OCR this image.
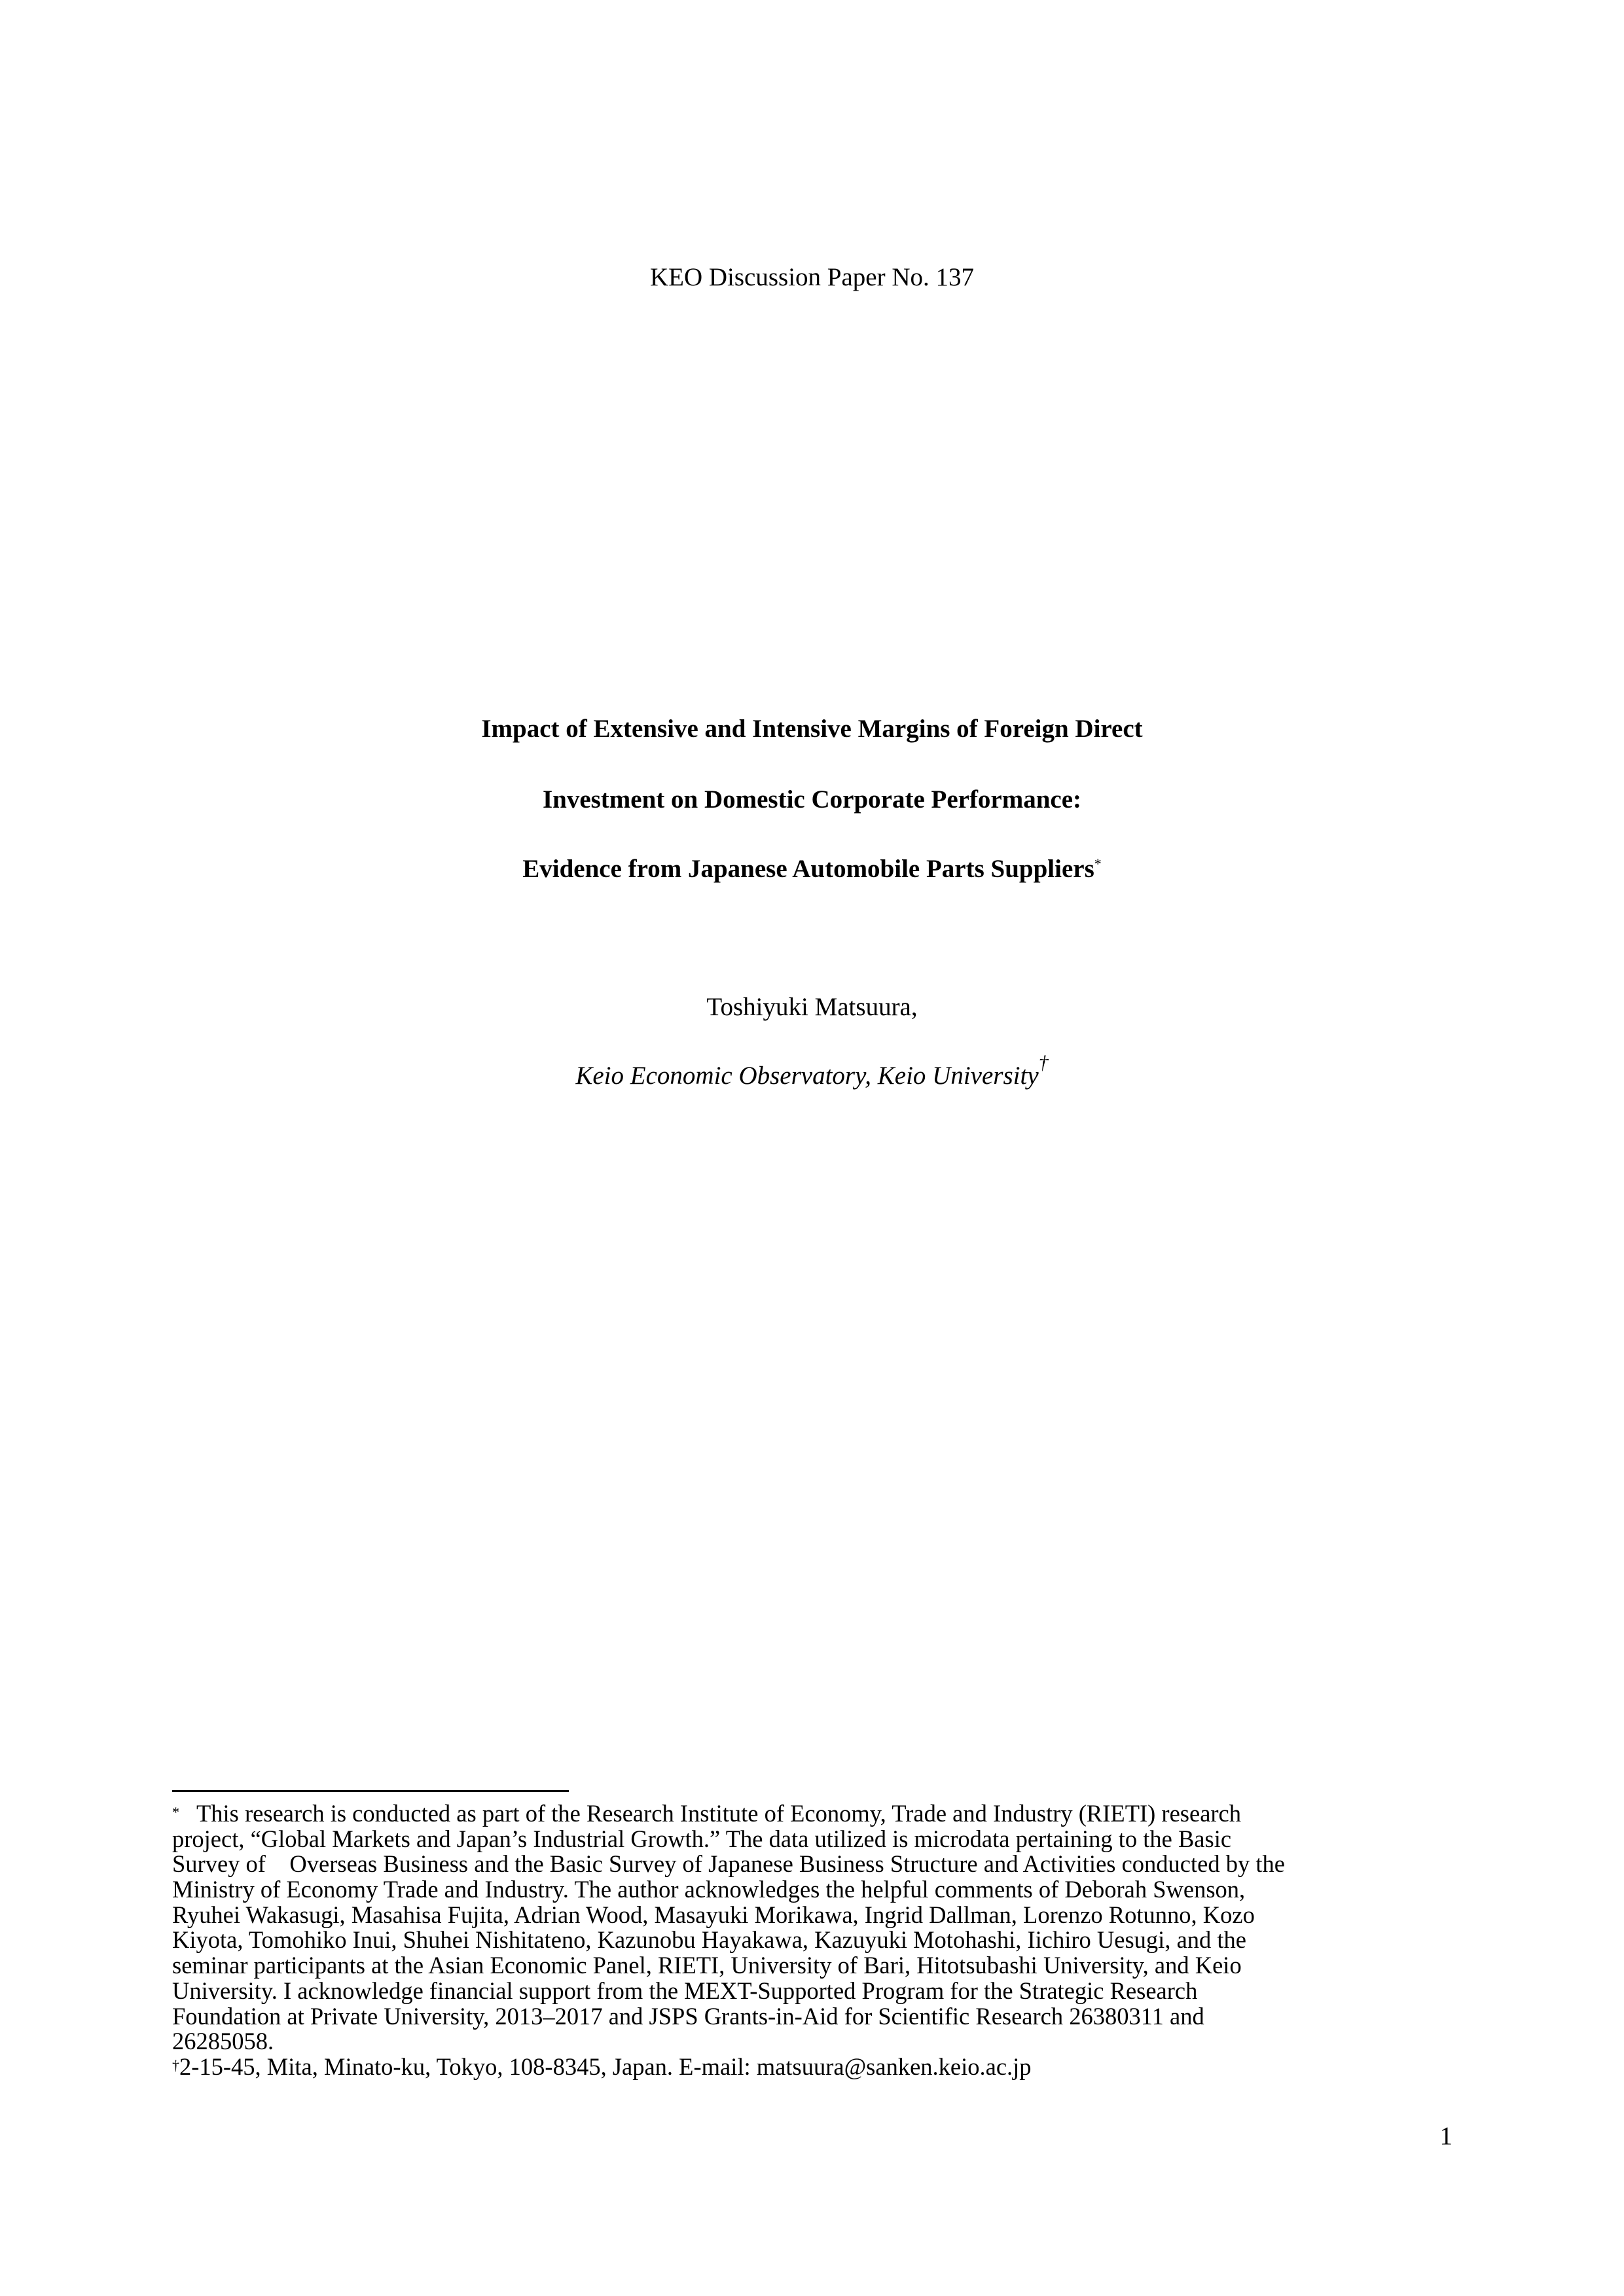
KEO Discussion Paper No. 137
Impact of Extensive and Intensive Margins of Foreign Direct
Investment on Domestic Corporate Performance:
Evidence from Japanese Automobile Parts Suppliers*
Toshiyuki Matsuura,
Keio Economic Observatory, Keio University†
* This research is conducted as part of the Research Institute of Economy, Trade and Industry (RIETI) research
project, “Global Markets and Japan’s Industrial Growth.” The data utilized is microdata pertaining to the Basic
Survey of    Overseas Business and the Basic Survey of Japanese Business Structure and Activities conducted by the
Ministry of Economy Trade and Industry. The author acknowledges the helpful comments of Deborah Swenson,
Ryuhei Wakasugi, Masahisa Fujita, Adrian Wood, Masayuki Morikawa, Ingrid Dallman, Lorenzo Rotunno, Kozo
Kiyota, Tomohiko Inui, Shuhei Nishitateno, Kazunobu Hayakawa, Kazuyuki Motohashi, Iichiro Uesugi, and the
seminar participants at the Asian Economic Panel, RIETI, University of Bari, Hitotsubashi University, and Keio
University. I acknowledge financial support from the MEXT-Supported Program for the Strategic Research
Foundation at Private University, 2013–2017 and JSPS Grants-in-Aid for Scientific Research 26380311 and
26285058.
†2-15-45, Mita, Minato-ku, Tokyo, 108-8345, Japan. E-mail: matsuura@sanken.keio.ac.jp
1
